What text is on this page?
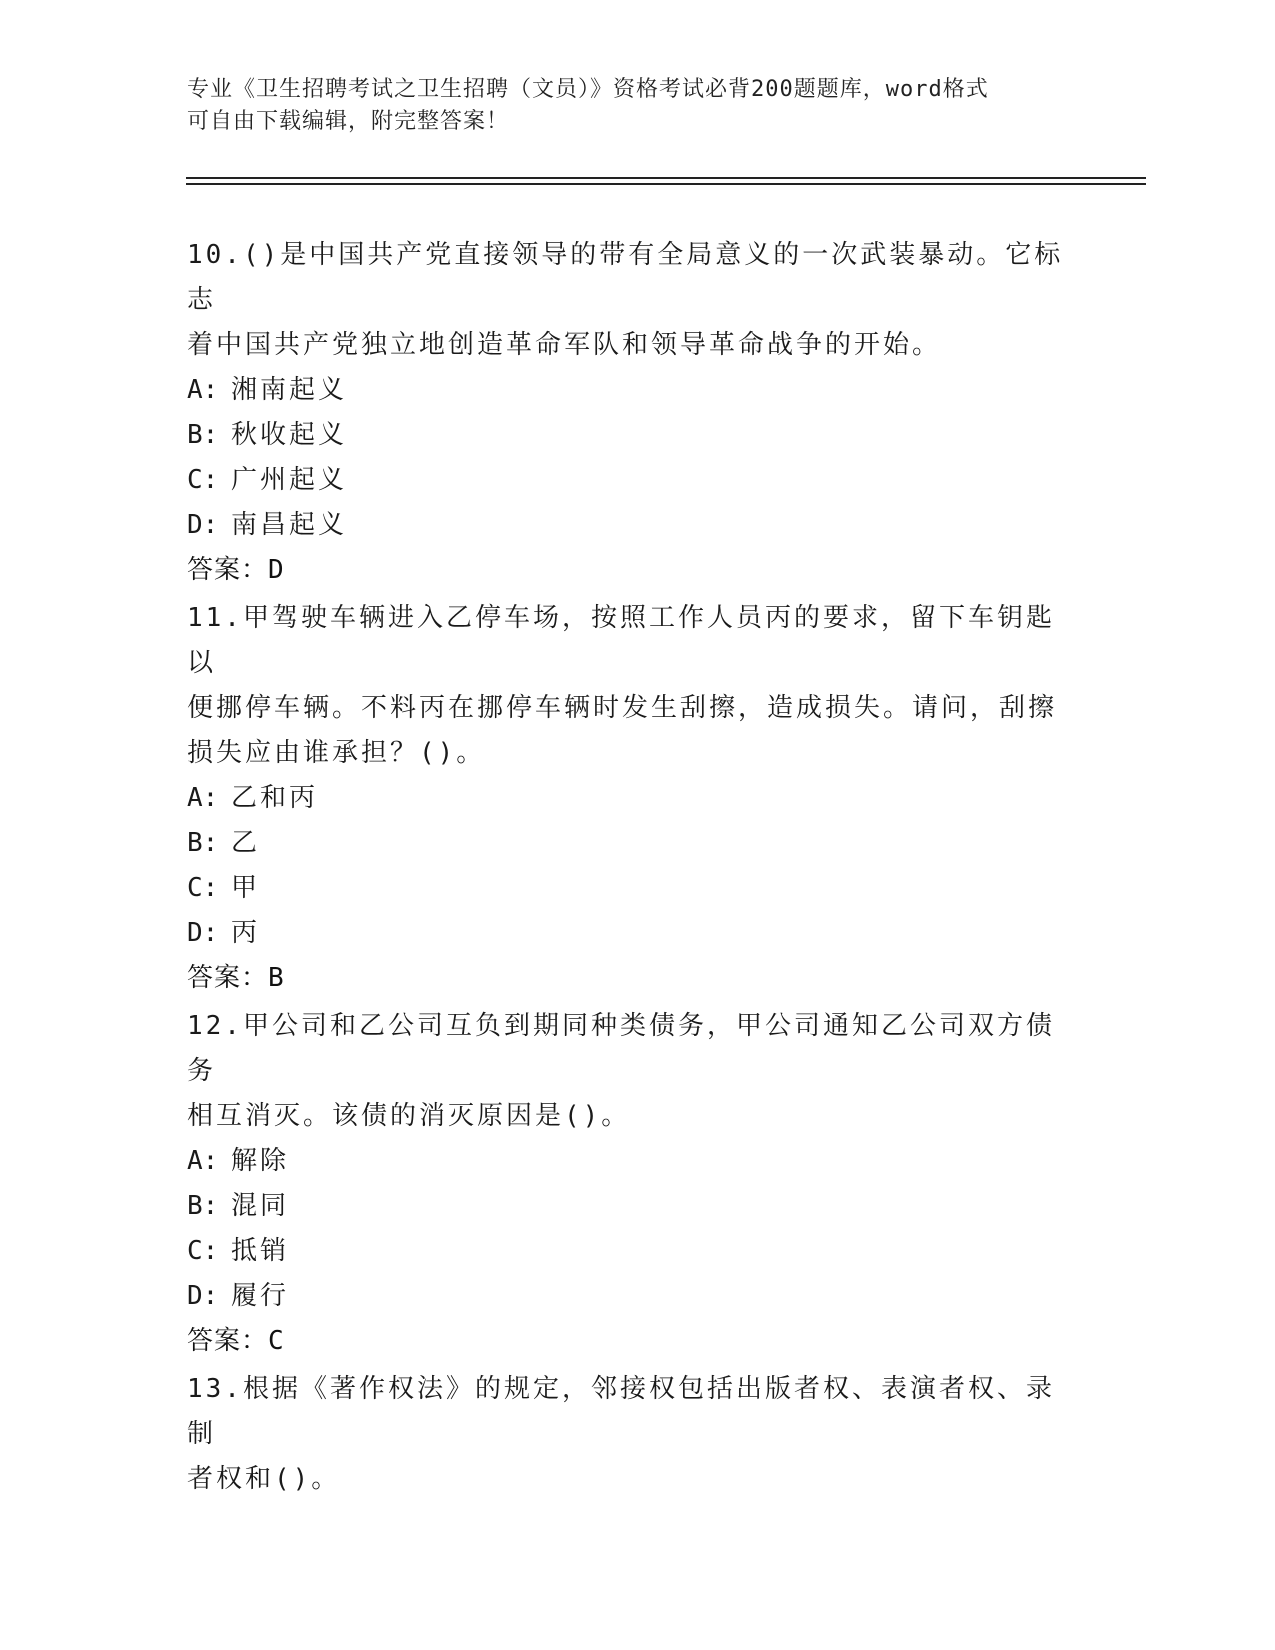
专业《卫生招聘考试之卫生招聘（文员）》资格考试必背200题题库，word格式
可自由下载编辑，附完整答案！

10.()是中国共产党直接领导的带有全局意义的一次武装暴动。它标志

着中国共产党独立地创造革命军队和领导革命战争的开始。

A: 湘南起义

B: 秋收起义

C: 广州起义

D: 南昌起义

答案：D

11.甲驾驶车辆进入乙停车场，按照工作人员丙的要求，留下车钥匙以

便挪停车辆。不料丙在挪停车辆时发生刮擦，造成损失。请问，刮擦

损失应由谁承担？()。

A: 乙和丙

B: 乙

C: 甲

D: 丙

答案：B

12.甲公司和乙公司互负到期同种类债务，甲公司通知乙公司双方债务

相互消灭。该债的消灭原因是()。

A: 解除

B: 混同

C: 抵销

D: 履行

答案：C

13.根据《著作权法》的规定，邻接权包括出版者权、表演者权、录制

者权和()。
